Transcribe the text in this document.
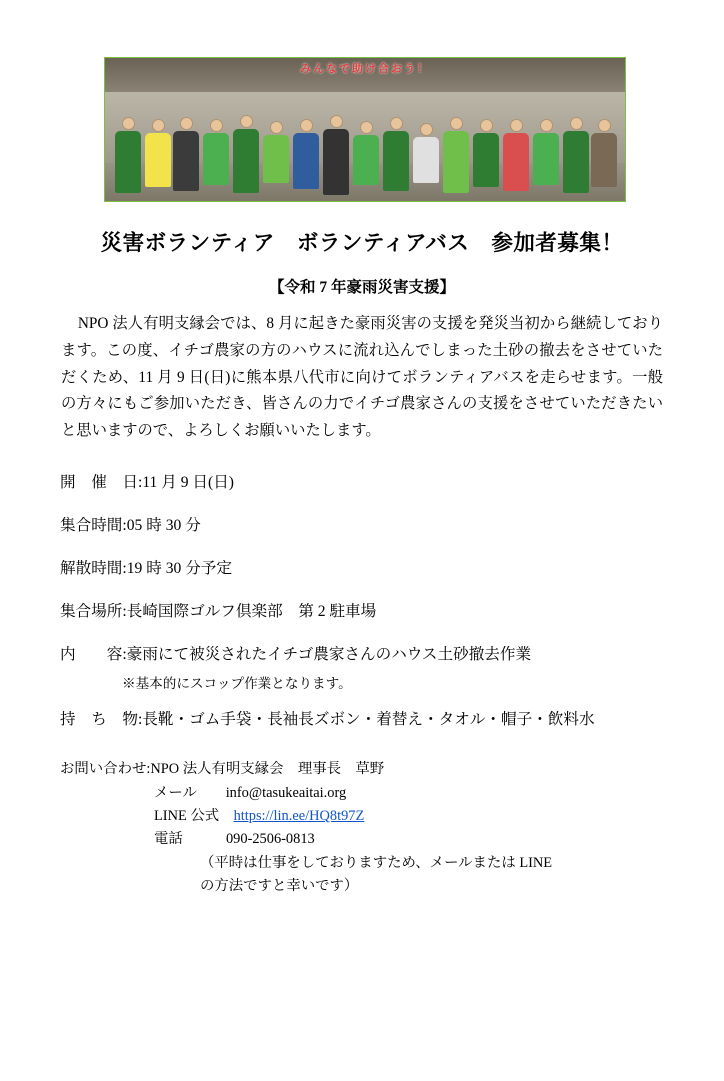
みんなで助け合おう！
災害ボランティア　ボランティアバス　参加者募集！
【令和 7 年豪雨災害支援】

NPO 法人有明支縁会では、8 月に起きた豪雨災害の支援を発災当初から継続しております。この度、イチゴ農家の方のハウスに流れ込んでしまった土砂の撤去をさせていただくため、11 月 9 日(日)に熊本県八代市に向けてボランティアバスを走らせます。一般の方々にもご参加いただき、皆さんの力でイチゴ農家さんの支援をさせていただきたいと思いますので、よろしくお願いいたします。

開　催　日:11 月 9 日(日)
集合時間:05 時 30 分
解散時間:19 時 30 分予定
集合場所:長崎国際ゴルフ倶楽部　第 2 駐車場
内　　容:豪雨にて被災されたイチゴ農家さんのハウス土砂撤去作業
※基本的にスコップ作業となります。
持　ち　物:長靴・ゴム手袋・長袖長ズボン・着替え・タオル・帽子・飲料水
お問い合わせ:NPO 法人有明支縁会　理事長　草野
メール　　 info@tasukeaitai.org
LINE 公式　 https://lin.ee/HQ8t97Z
電話　　　	090-2506-0813
（平時は仕事をしておりますため、メールまたは LINE
の方法ですと幸いです）
